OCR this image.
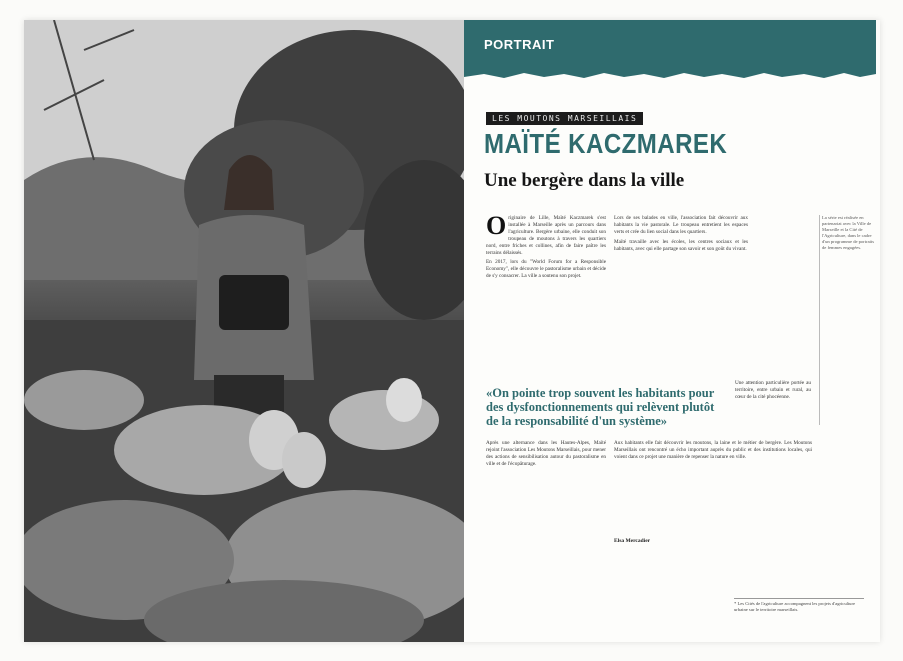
PORTRAIT
LES MOUTONS MARSEILLAIS
MAÏTÉ KACZMAREK
Une bergère dans la ville
O riginaire de Lille, Maïté Kaczmarek s'est installée à Marseille après un parcours dans l'agriculture. Bergère urbaine, elle conduit son troupeau de moutons à travers les quartiers nord, entre friches et collines, afin de faire paître les terrains délaissés.

En 2017, lors du "World Forum for a Responsible Economy", elle découvre le pastoralisme urbain et décide de s'y consacrer. La ville a soutenu son projet.

Lors de ses balades en ville, l'association fait découvrir aux habitants la vie pastorale. Le troupeau entretient les espaces verts et crée du lien social dans les quartiers.

Maïté travaille avec les écoles, les centres sociaux et les habitants, avec qui elle partage son savoir et son goût du vivant.

La série est réalisée en partenariat avec la Ville de Marseille et la Cité de l'Agriculture, dans le cadre d'un programme de portraits de femmes engagées.
«On pointe trop souvent les habitants pour des dysfonctionnements qui relèvent plutôt de la responsabilité d'un système»
Une attention particulière portée au territoire, entre urbain et rural, au cœur de la cité phocéenne.

Après une alternance dans les Hautes-Alpes, Maïté rejoint l'association Les Moutons Marseillais, pour mener des actions de sensibilisation autour du pastoralisme en ville et de l'écopâturage.

Aux habitants elle fait découvrir les moutons, la laine et le métier de bergère. Les Moutons Marseillais ont rencontré un écho important auprès du public et des institutions locales, qui voient dans ce projet une manière de repenser la nature en ville.

Elsa Mercadier
* Les Cités de l'agriculture accompagnent les projets d'agriculture urbaine sur le territoire marseillais.
